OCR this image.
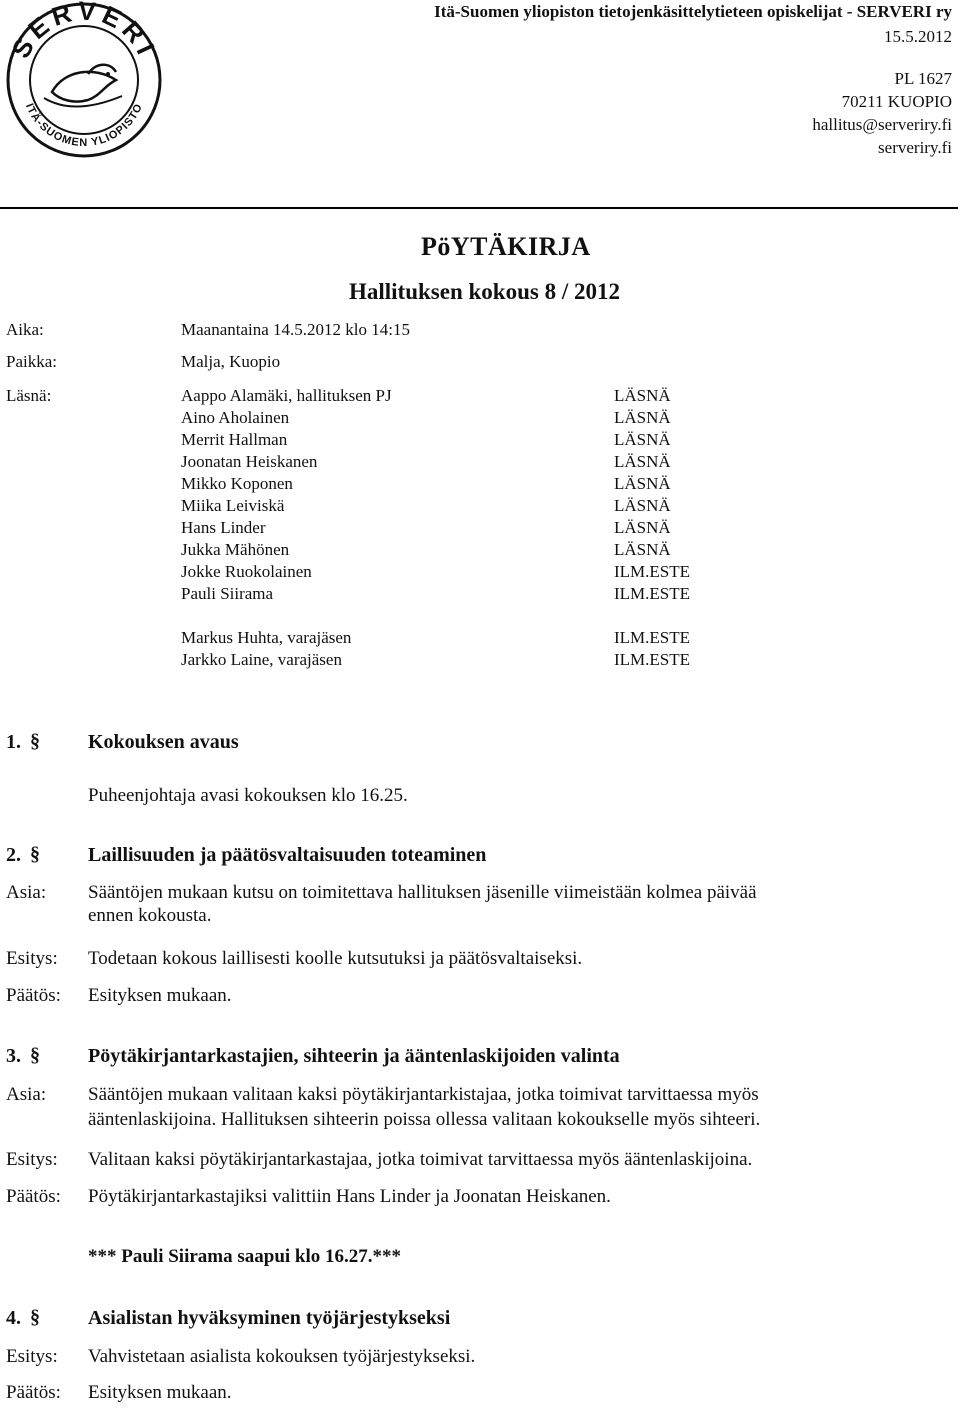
SERVERI
ITÄ-SUOMEN YLIOPISTO
Itä-Suomen yliopiston tietojenkäsittelytieteen opiskelijat - SERVERI ry
15.5.2012
PL 1627
70211 KUOPIO
hallitus@serveriry.fi
serveriry.fi
PöYTÄKIRJA
Hallituksen kokous 8 / 2012
Aika:	Maanantaina 14.5.2012 klo 14:15
Paikka:	Malja, Kuopio
Läsnä:	Aappo Alamäki, hallituksen PJ	LÄSNÄ
Aino Aholainen	LÄSNÄ
Merrit Hallman	LÄSNÄ
Joonatan Heiskanen	LÄSNÄ
Mikko Koponen	LÄSNÄ
Miika Leiviskä	LÄSNÄ
Hans Linder	LÄSNÄ
Jukka Mähönen	LÄSNÄ
Jokke Ruokolainen	ILM.ESTE
Pauli Siirama	ILM.ESTE
Markus Huhta, varajäsen	ILM.ESTE
Jarkko Laine, varajäsen	ILM.ESTE
1. § Kokouksen avaus
Puheenjohtaja avasi kokouksen klo 16.25.
2. § Laillisuuden ja päätösvaltaisuuden toteaminen
Asia: Sääntöjen mukaan kutsu on toimitettava hallituksen jäsenille viimeistään kolmea päivää
ennen kokousta.
Esitys: Todetaan kokous laillisesti koolle kutsutuksi ja päätösvaltaiseksi.
Päätös: Esityksen mukaan.
3. § Pöytäkirjantarkastajien, sihteerin ja ääntenlaskijoiden valinta
Asia: Sääntöjen mukaan valitaan kaksi pöytäkirjantarkistajaa, jotka toimivat tarvittaessa myös
ääntenlaskijoina. Hallituksen sihteerin poissa ollessa valitaan kokoukselle myös sihteeri.
Esitys: Valitaan kaksi pöytäkirjantarkastajaa, jotka toimivat tarvittaessa myös ääntenlaskijoina.
Päätös: Pöytäkirjantarkastajiksi valittiin Hans Linder ja Joonatan Heiskanen.
*** Pauli Siirama saapui klo 16.27.***
4. § Asialistan hyväksyminen työjärjestykseksi
Esitys: Vahvistetaan asialista kokouksen työjärjestykseksi.
Päätös: Esityksen mukaan.
